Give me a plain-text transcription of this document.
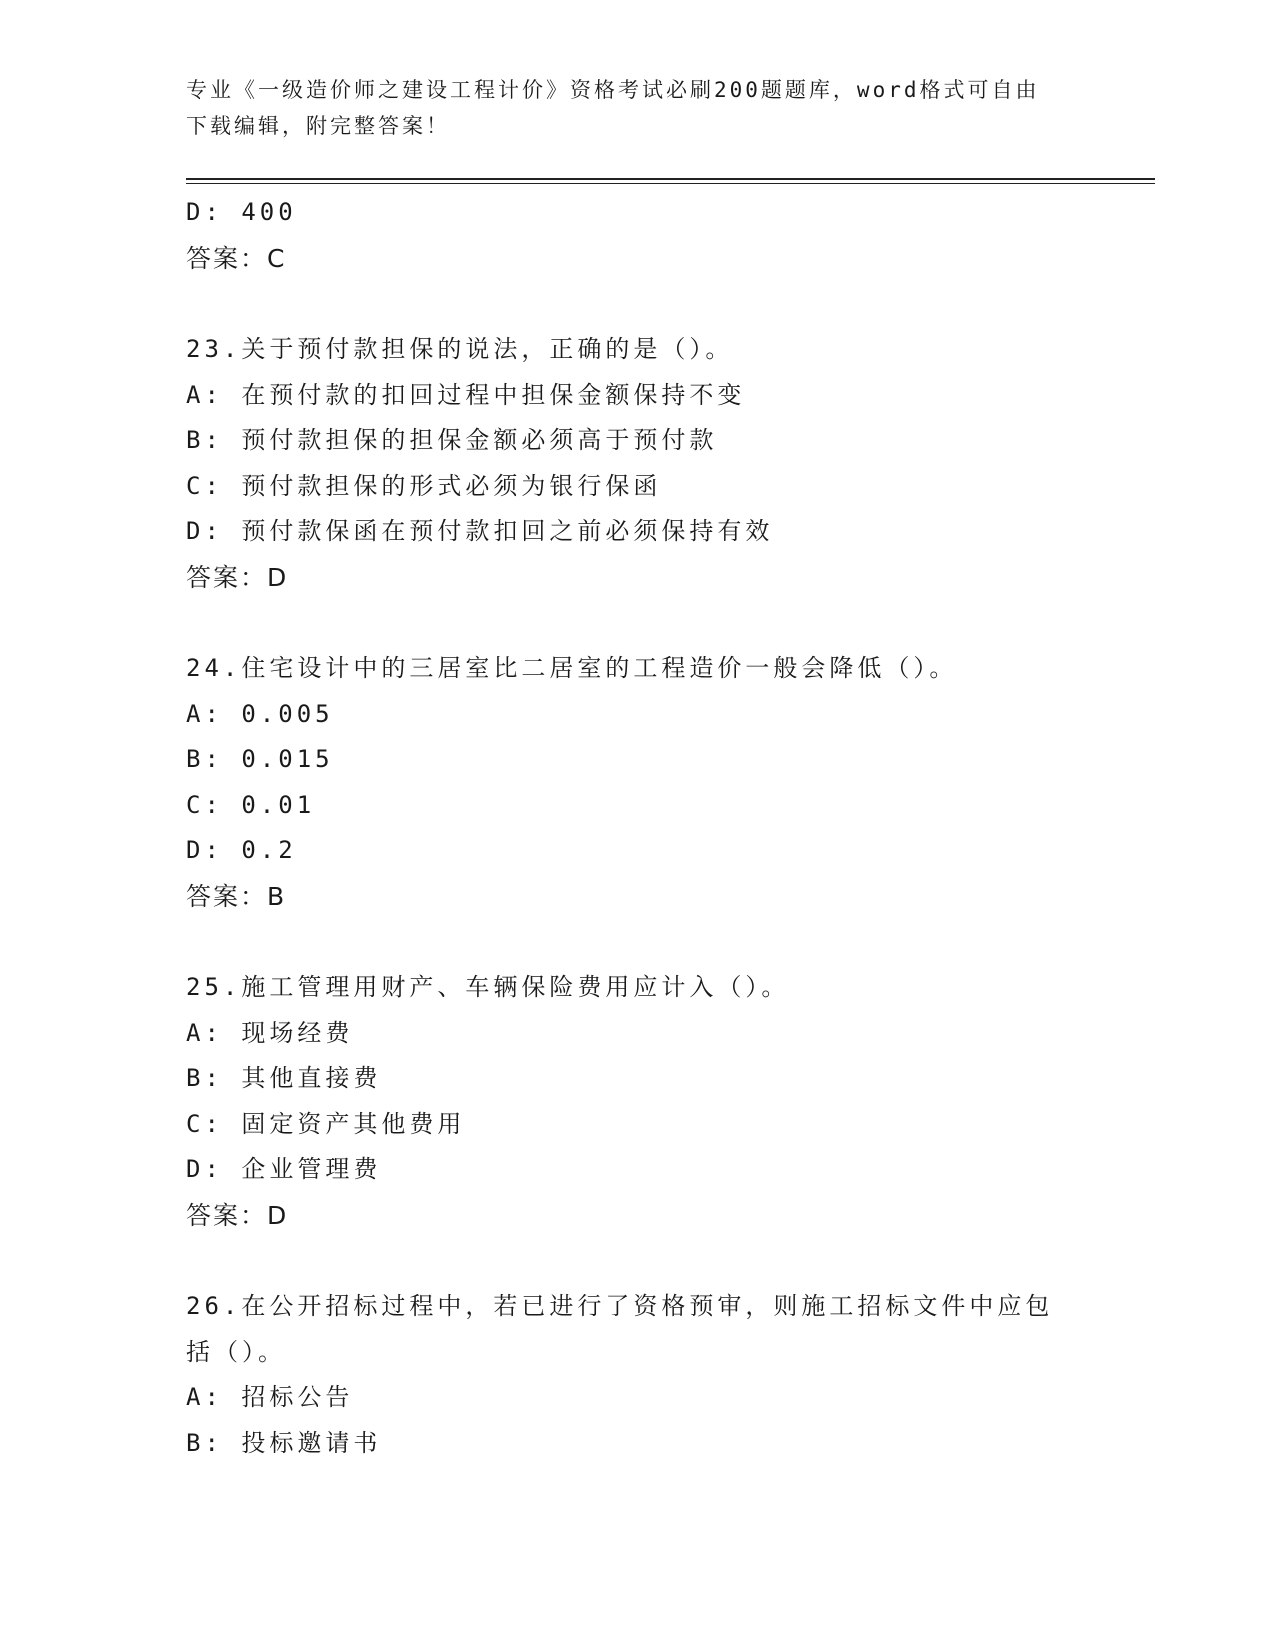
专业《一级造价师之建设工程计价》资格考试必刷200题题库，word格式可自由
下载编辑，附完整答案！
D: 400
答案：C
23.关于预付款担保的说法，正确的是（）。
A: 在预付款的扣回过程中担保金额保持不变
B: 预付款担保的担保金额必须高于预付款
C: 预付款担保的形式必须为银行保函
D: 预付款保函在预付款扣回之前必须保持有效
答案：D
24.住宅设计中的三居室比二居室的工程造价一般会降低（）。
A: 0.005
B: 0.015
C: 0.01
D: 0.2
答案：B
25.施工管理用财产、车辆保险费用应计入（）。
A: 现场经费
B: 其他直接费
C: 固定资产其他费用
D: 企业管理费
答案：D
26.在公开招标过程中，若已进行了资格预审，则施工招标文件中应包
括（）。
A: 招标公告
B: 投标邀请书
